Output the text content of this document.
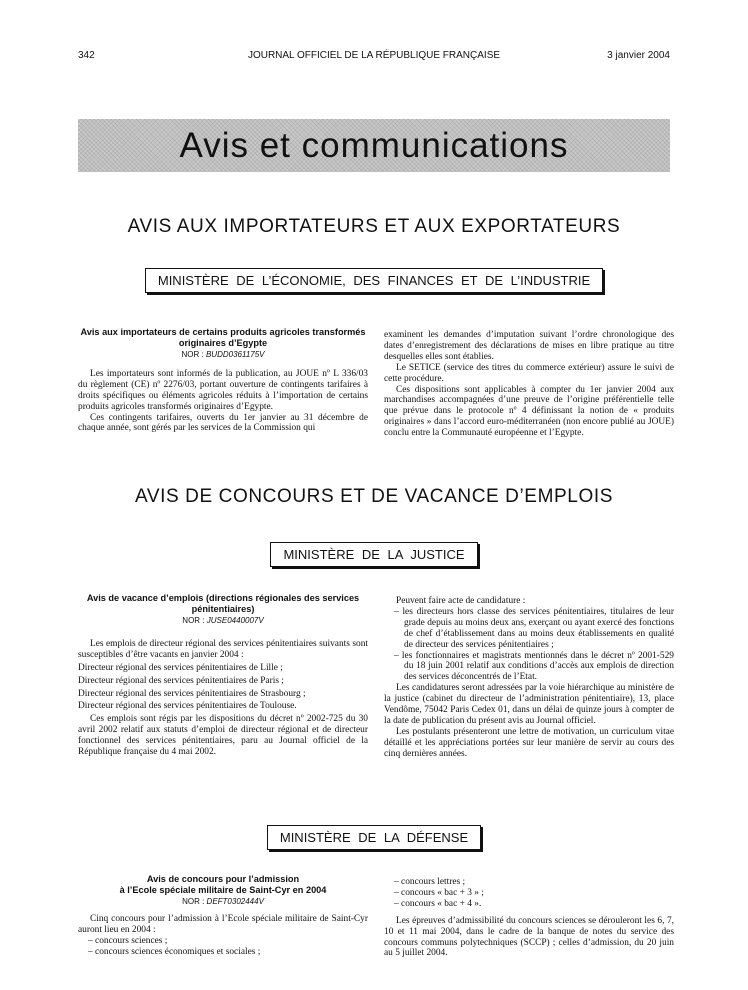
342	JOURNAL OFFICIEL DE LA RÉPUBLIQUE FRANÇAISE	3 janvier 2004
Avis et communications
AVIS AUX IMPORTATEURS ET AUX EXPORTATEURS
MINISTÈRE DE L’ÉCONOMIE, DES FINANCES ET DE L’INDUSTRIE
Avis aux importateurs de certains produits agricoles transformés originaires d’Egypte
NOR : BUDD0361175V

Les importateurs sont informés de la publication, au JOUE nº L 336/03 du règlement (CE) nº 2276/03, portant ouverture de contingents tarifaires à droits spécifiques ou éléments agricoles réduits à l’importation de certains produits agricoles transformés originaires d’Egypte.

Ces contingents tarifaires, ouverts du 1er janvier au 31 décembre de chaque année, sont gérés par les services de la Commission qui

examinent les demandes d’imputation suivant l’ordre chronologique des dates d’enregistrement des déclarations de mises en libre pratique au titre desquelles elles sont établies.

Le SETICE (service des titres du commerce extérieur) assure le suivi de cette procédure.

Ces dispositions sont applicables à compter du 1er janvier 2004 aux marchandises accompagnées d’une preuve de l’origine préférentielle telle que prévue dans le protocole nº 4 définissant la notion de « produits originaires » dans l’accord euro-méditerranéen (non encore publié au JOUE) conclu entre la Communauté européenne et l’Egypte.

AVIS DE CONCOURS ET DE VACANCE D’EMPLOIS
MINISTÈRE DE LA JUSTICE
Avis de vacance d’emplois (directions régionales des services pénitentiaires)
NOR : JUSE0440007V

Les emplois de directeur régional des services pénitentiaires suivants sont susceptibles d’être vacants en janvier 2004 :

Directeur régional des services pénitentiaires de Lille ;

Directeur régional des services pénitentiaires de Paris ;

Directeur régional des services pénitentiaires de Strasbourg ;

Directeur régional des services pénitentiaires de Toulouse.

Ces emplois sont régis par les dispositions du décret nº 2002-725 du 30 avril 2002 relatif aux statuts d’emploi de directeur régional et de directeur fonctionnel des services pénitentiaires, paru au Journal officiel de la République française du 4 mai 2002.

Peuvent faire acte de candidature :

– les directeurs hors classe des services pénitentiaires, titulaires de leur grade depuis au moins deux ans, exerçant ou ayant exercé des fonctions de chef d’établissement dans au moins deux établissements en qualité de directeur des services pénitentiaires ;
– les fonctionnaires et magistrats mentionnés dans le décret nº 2001-529 du 18 juin 2001 relatif aux conditions d’accès aux emplois de direction des services déconcentrés de l’Etat.

Les candidatures seront adressées par la voie hiérarchique au ministère de la justice (cabinet du directeur de l’administration pénitentiaire), 13, place Vendôme, 75042 Paris Cedex 01, dans un délai de quinze jours à compter de la date de publication du présent avis au Journal officiel.

Les postulants présenteront une lettre de motivation, un curriculum vitae détaillé et les appréciations portées sur leur manière de servir au cours des cinq dernières années.

MINISTÈRE DE LA DÉFENSE
Avis de concours pour l’admission
à l’Ecole spéciale militaire de Saint-Cyr en 2004
NOR : DEFT0302444V

Cinq concours pour l’admission à l’Ecole spéciale militaire de Saint-Cyr auront lieu en 2004 :

– concours sciences ;
– concours sciences économiques et sociales ;
– concours lettres ;
– concours « bac + 3 » ;
– concours « bac + 4 ».

Les épreuves d’admissibilité du concours sciences se dérouleront les 6, 7, 10 et 11 mai 2004, dans le cadre de la banque de notes du service des concours communs polytechniques (SCCP) ; celles d’admission, du 20 juin au 5 juillet 2004.
